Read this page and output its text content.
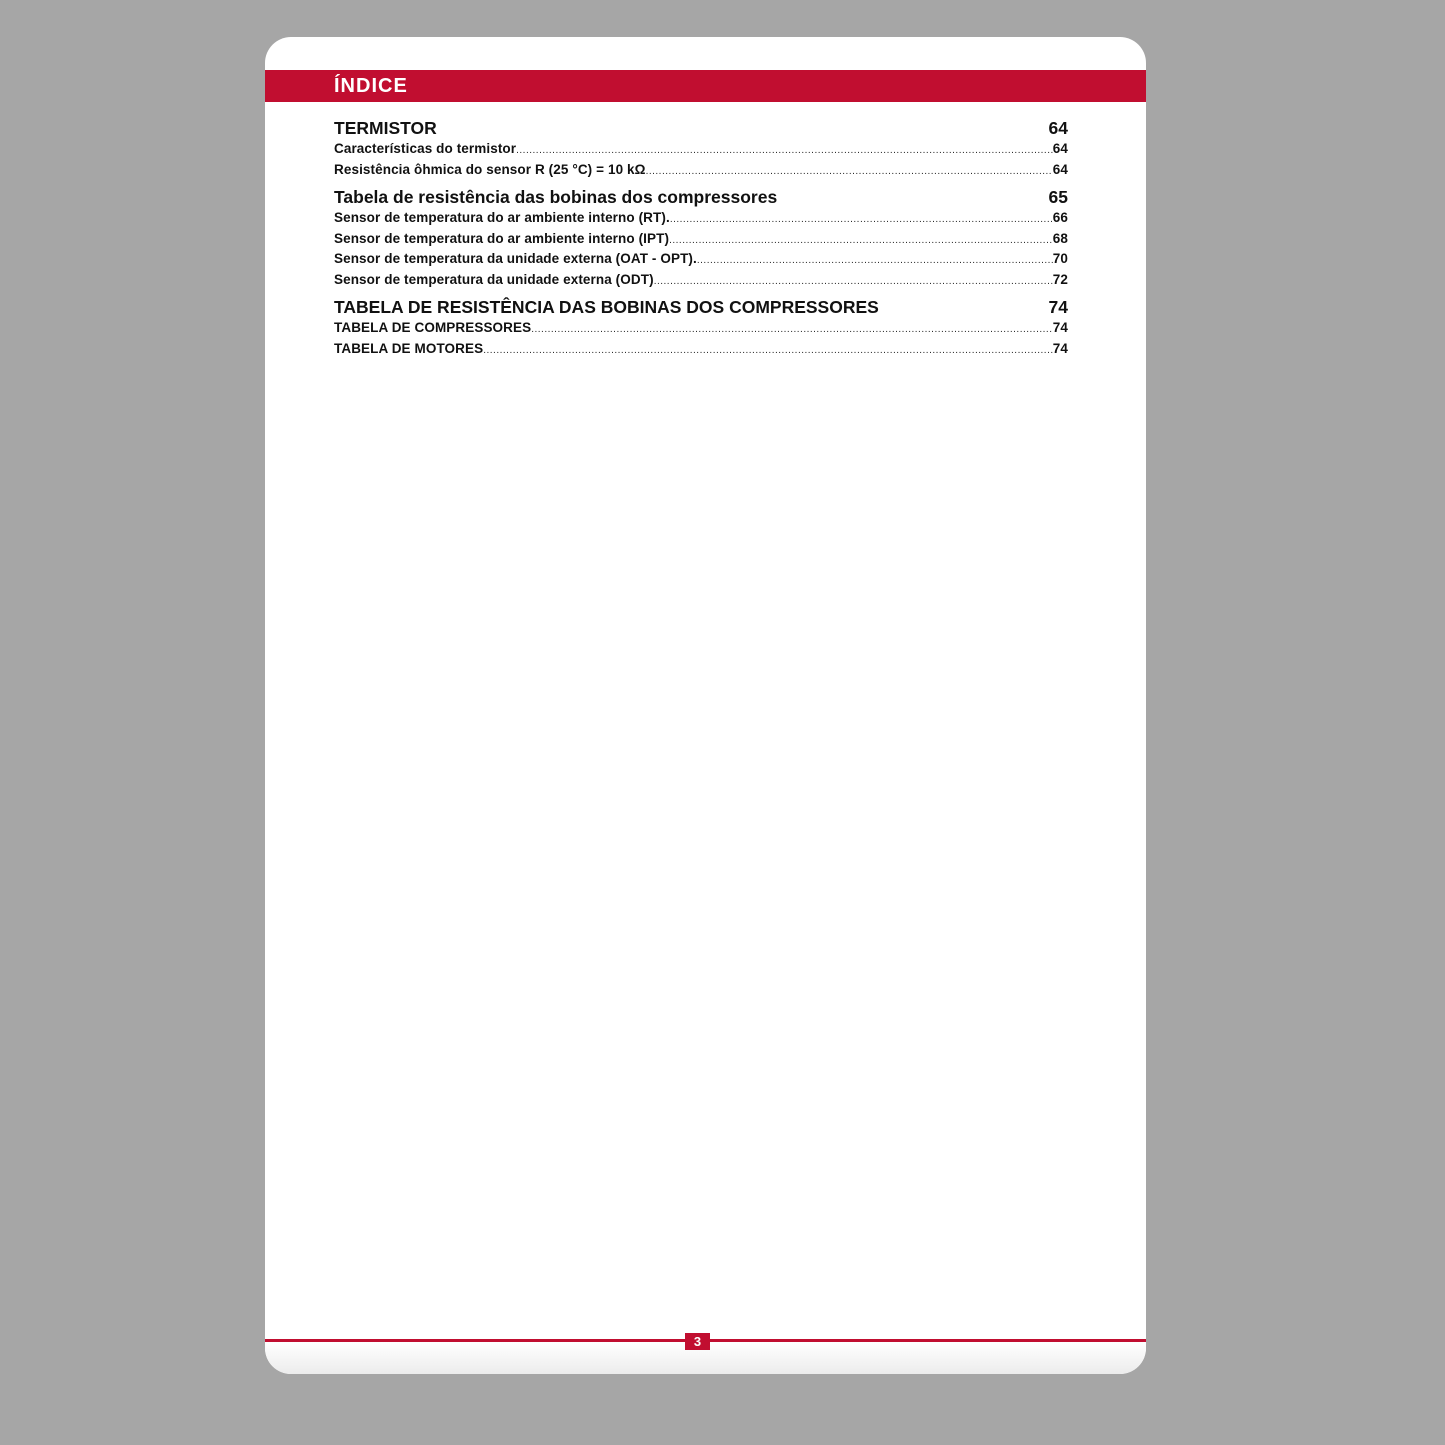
ÍNDICE
TERMISTOR	64
Características do termistor .....	64
Resistência ôhmica do sensor R (25 °C) = 10 kΩ .....	64
Tabela de resistência das bobinas dos compressores	65
Sensor de temperatura do ar ambiente interno (RT). .....	66
Sensor de temperatura do ar ambiente interno (IPT) .....	68
Sensor de temperatura da unidade externa (OAT - OPT). .....	70
Sensor de temperatura da unidade externa (ODT) .....	72
TABELA DE RESISTÊNCIA DAS BOBINAS DOS COMPRESSORES	74
TABELA DE COMPRESSORES .....	74
TABELA DE MOTORES .....	74
3
